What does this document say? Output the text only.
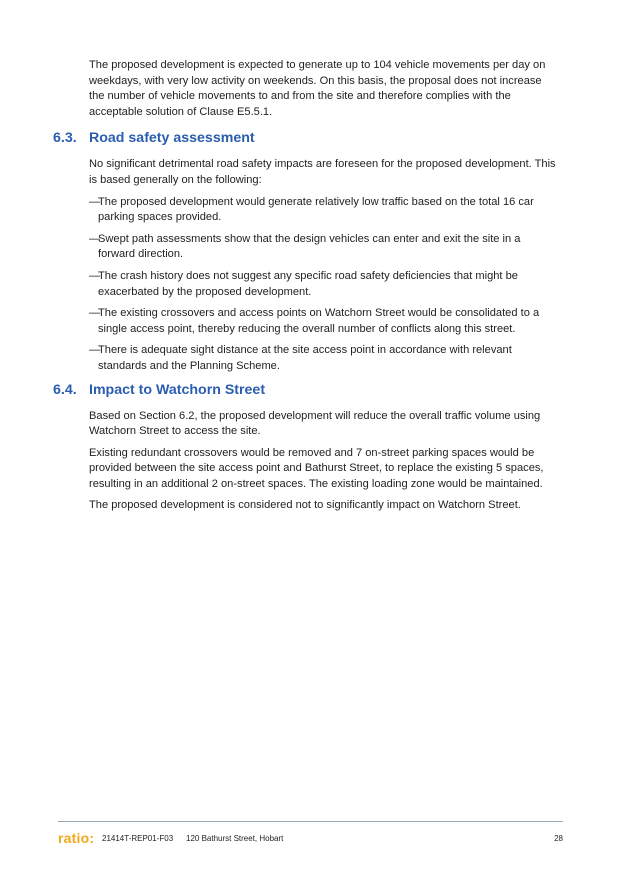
The proposed development is expected to generate up to 104 vehicle movements per day on weekdays, with very low activity on weekends. On this basis, the proposal does not increase the number of vehicle movements to and from the site and therefore complies with the acceptable solution of Clause E5.5.1.

6.3. Road safety assessment

No significant detrimental road safety impacts are foreseen for the proposed development. This is based generally on the following:

—
The proposed development would generate relatively low traffic based on the total 16 car parking spaces provided.
—
Swept path assessments show that the design vehicles can enter and exit the site in a forward direction.
—
The crash history does not suggest any specific road safety deficiencies that might be exacerbated by the proposed development.
—
The existing crossovers and access points on Watchorn Street would be consolidated to a single access point, thereby reducing the overall number of conflicts along this street.
—
There is adequate sight distance at the site access point in accordance with relevant standards and the Planning Scheme.
6.4. Impact to Watchorn Street

Based on Section 6.2, the proposed development will reduce the overall traffic volume using Watchorn Street to access the site.

Existing redundant crossovers would be removed and 7 on-street parking spaces would be provided between the site access point and Bathurst Street, to replace the existing 5 spaces, resulting in an additional 2 on-street spaces. The existing loading zone would be maintained.

The proposed development is considered not to significantly impact on Watchorn Street.

ratio: 21414T-REP01-F03 120 Bathurst Street, Hobart	28
